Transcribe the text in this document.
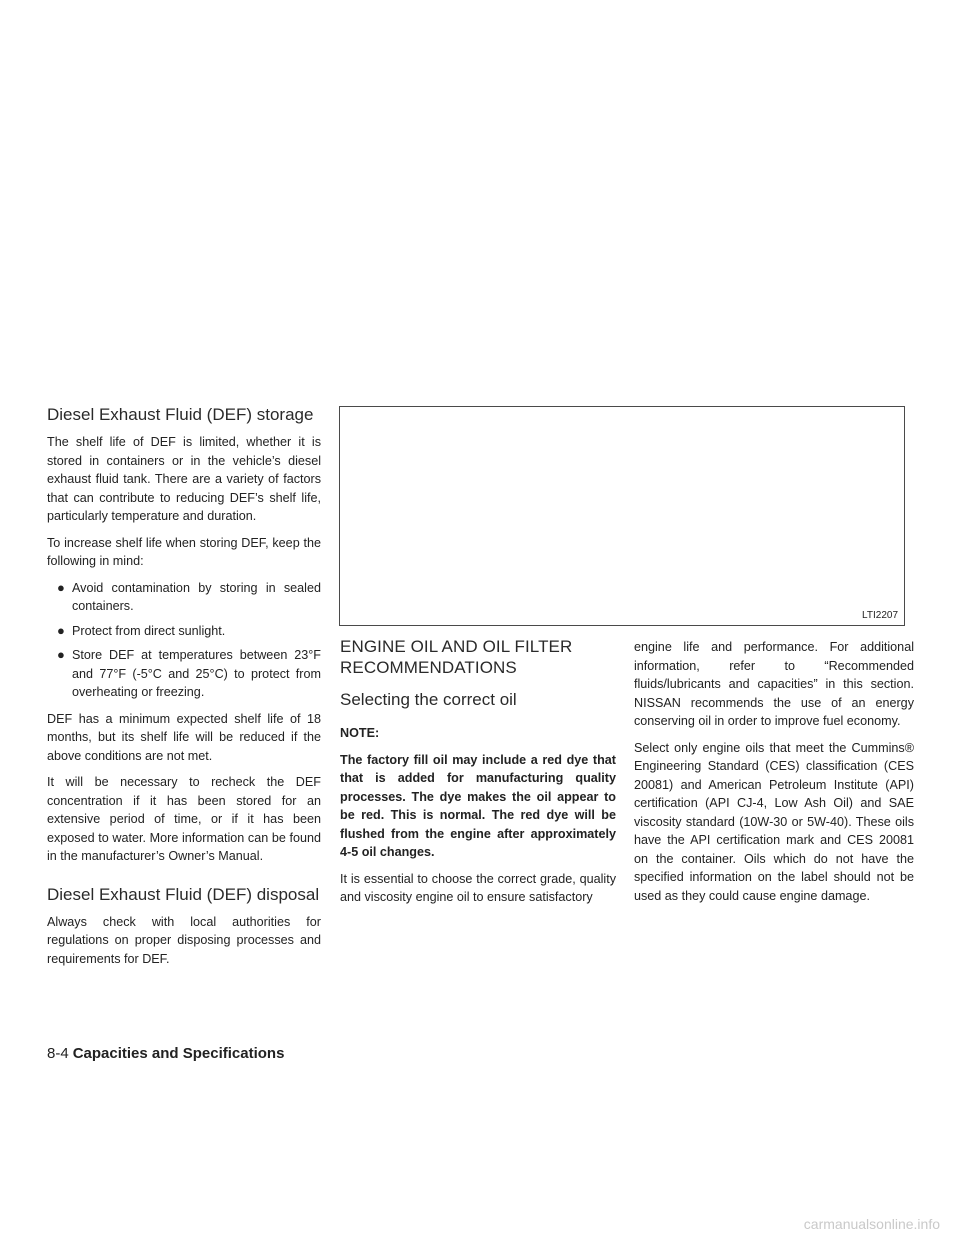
Diesel Exhaust Fluid (DEF) storage

The shelf life of DEF is limited, whether it is stored in containers or in the vehicle’s diesel exhaust fluid tank. There are a variety of factors that can contribute to reducing DEF’s shelf life, particularly temperature and duration.

To increase shelf life when storing DEF, keep the following in mind:

● Avoid contamination by storing in sealed containers.
● Protect from direct sunlight.
● Store DEF at temperatures between 23°F and 77°F (-5°C and 25°C) to protect from overheating or freezing.

DEF has a minimum expected shelf life of 18 months, but its shelf life will be reduced if the above conditions are not met.

It will be necessary to recheck the DEF concentration if it has been stored for an extensive period of time, or if it has been exposed to water. More information can be found in the manufacturer’s Owner’s Manual.

Diesel Exhaust Fluid (DEF) disposal

Always check with local authorities for regulations on proper disposing processes and requirements for DEF.

LTI2207
ENGINE OIL AND OIL FILTER RECOMMENDATIONS
Selecting the correct oil

NOTE:

The factory fill oil may include a red dye that that is added for manufacturing quality processes. The dye makes the oil appear to be red. This is normal. The red dye will be flushed from the engine after approximately 4-5 oil changes.

It is essential to choose the correct grade, quality and viscosity engine oil to ensure satisfactory

engine life and performance. For additional information, refer to “Recommended fluids/lubricants and capacities” in this section. NISSAN recommends the use of an energy conserving oil in order to improve fuel economy.

Select only engine oils that meet the Cummins® Engineering Standard (CES) classification (CES 20081) and American Petroleum Institute (API) certification (API CJ-4, Low Ash Oil) and SAE viscosity standard (10W-30 or 5W-40). These oils have the API certification mark and CES 20081 on the container. Oils which do not have the specified information on the label should not be used as they could cause engine damage.

8-4 Capacities and Specifications
carmanualsonline.info
